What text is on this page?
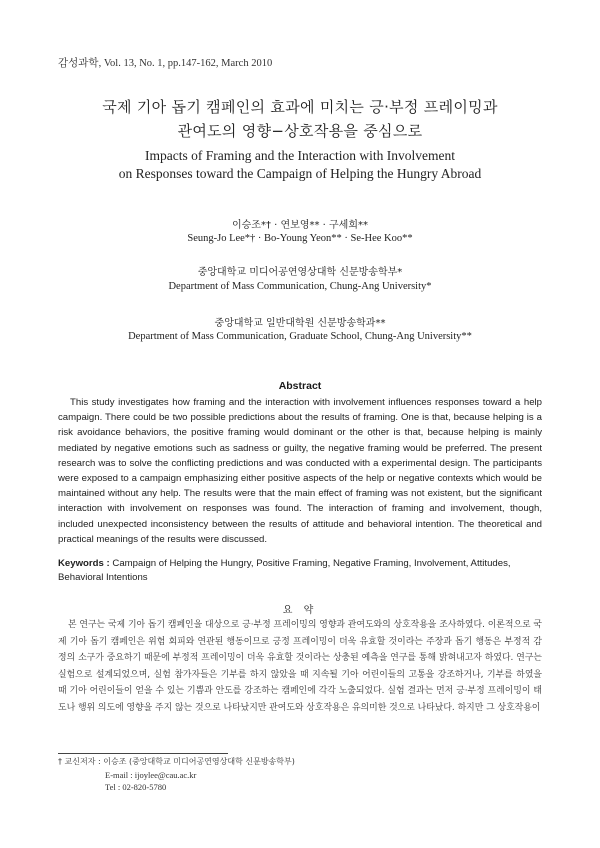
감성과학, Vol. 13, No. 1, pp.147-162, March 2010
국제 기아 돕기 캠페인의 효과에 미치는 긍·부정 프레이밍과
관여도의 영향−상호작용을 중심으로
Impacts of Framing and the Interaction with Involvement
on Responses toward the Campaign of Helping the Hungry Abroad
이승조*† · 연보영** · 구세희**
Seung-Jo Lee*† · Bo-Young Yeon** · Se-Hee Koo**
중앙대학교 미디어공연영상대학 신문방송학부*
Department of Mass Communication, Chung-Ang University*
중앙대학교 일반대학원 신문방송학과**
Department of Mass Communication, Graduate School, Chung-Ang University**
Abstract
This study investigates how framing and the interaction with involvement influences responses toward a help campaign. There could be two possible predictions about the results of framing. One is that, because helping is a risk avoidance behaviors, the positive framing would dominant or the other is that, because helping is mainly mediated by negative emotions such as sadness or guilty, the negative framing would be preferred. The present research was to solve the conflicting predictions and was conducted with a experimental design. The participants were exposed to a campaign emphasizing either positive aspects of the help or negative contexts which would be maintained without any help. The results were that the main effect of framing was not existent, but the significant interaction with involvement on responses was found. The interaction of framing and involvement, though, included unexpected inconsistency between the results of attitude and behavioral intention. The theoretical and practical meanings of the results were discussed.
Keywords : Campaign of Helping the Hungry, Positive Framing, Negative Framing, Involvement, Attitudes, Behavioral Intentions
요 약
본 연구는 국제 기아 돕기 캠페인을 대상으로 긍·부정 프레이밍의 영향과 관여도와의 상호작용을 조사하였다. 이론적으로 국제 기아 돕기 캠페인은 위험 회피와 연관된 행동이므로 긍정 프레이밍이 더욱 유효할 것이라는 주장과 돕기 행동은 부정적 감정의 소구가 중요하기 때문에 부정적 프레이밍이 더욱 유효할 것이라는 상충된 예측을 연구를 통해 밝혀내고자 하였다. 연구는 실험으로 설계되었으며, 실험 참가자들은 기부를 하지 않았을 때 지속될 기아 어린이들의 고통을 강조하거나, 기부를 하였을 때 기아 어린이들이 얻을 수 있는 기쁨과 안도를 강조하는 캠페인에 각각 노출되었다. 실험 결과는 먼저 긍·부정 프레이밍이 태도나 행위 의도에 영향을 주지 않는 것으로 나타났지만 관여도와 상호작용은 유의미한 것으로 나타났다. 하지만 그 상호작용이
† 교신저자 : 이승조 (중앙대학교 미디어공연영상대학 신문방송학부)
E-mail : ijoylee@cau.ac.kr
Tel : 02-820-5780
